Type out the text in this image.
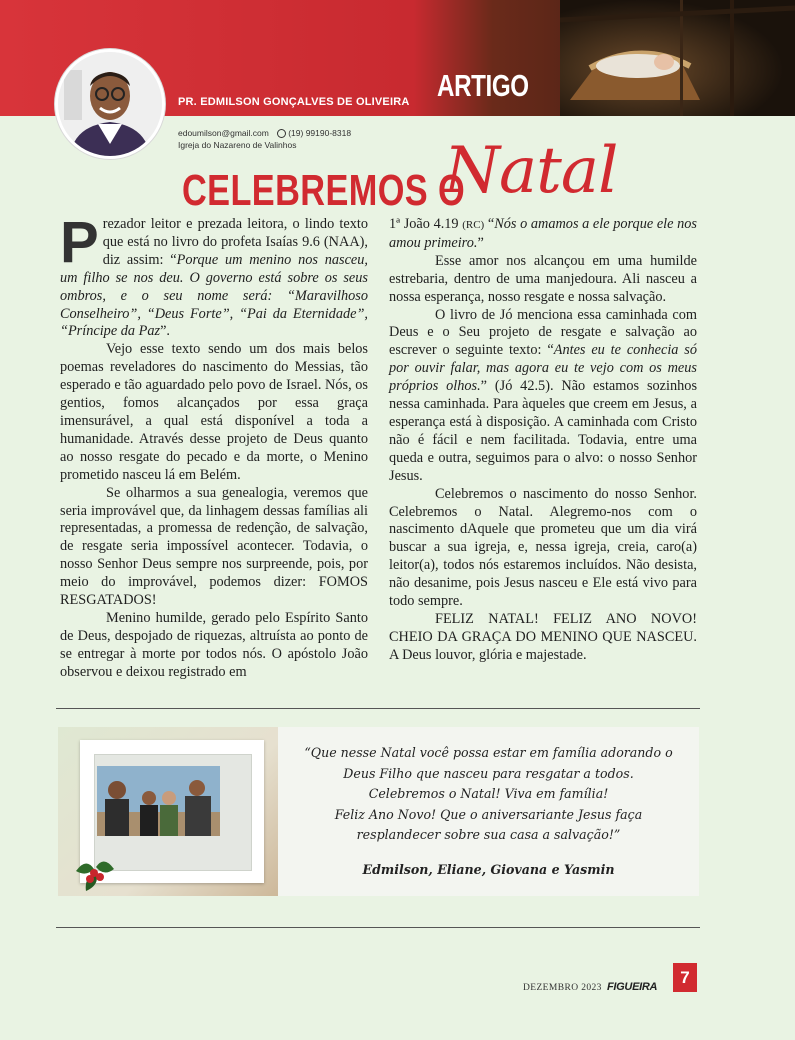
PR. EDMILSON GONÇALVES DE OLIVEIRA ARTIGO
edoumilson@gmail.com (19) 99190-8318
Igreja do Nazareno de Valinhos
CELEBREMOS O
Natal

Prezador leitor e prezada leitora, o lindo texto que está no livro do profeta Isaías 9.6 (NAA), diz assim: “Porque um menino nos nasceu, um filho se nos deu. O governo está sobre os seus ombros, e o seu nome será: “Maravilhoso Conselheiro”, “Deus Forte”, “Pai da Eternidade”, “Príncipe da Paz”.

Vejo esse texto sendo um dos mais belos poemas reveladores do nascimento do Messias, tão esperado e tão aguardado pelo povo de Israel. Nós, os gentios, fomos alcançados por essa graça imensurável, a qual está disponível a toda a humanidade. Através desse projeto de Deus quanto ao nosso resgate do pecado e da morte, o Menino prometido nasceu lá em Belém.

Se olharmos a sua genealogia, veremos que seria improvável que, da linhagem dessas famílias ali representadas, a promessa de redenção, de salvação, de resgate seria impossível acontecer. Todavia, o nosso Senhor Deus sempre nos surpreende, pois, por meio do improvável, podemos dizer: FOMOS RESGATADOS!

Menino humilde, gerado pelo Espírito Santo de Deus, despojado de riquezas, altruísta ao ponto de se entregar à morte por todos nós. O apóstolo João observou e deixou registrado em

1ª João 4.19 (RC) “Nós o amamos a ele porque ele nos amou primeiro.”

Esse amor nos alcançou em uma humilde estrebaria, dentro de uma manjedoura. Ali nasceu a nossa esperança, nosso resgate e nossa salvação.

O livro de Jó menciona essa caminhada com Deus e o Seu projeto de resgate e salvação ao escrever o seguinte texto: “Antes eu te conhecia só por ouvir falar, mas agora eu te vejo com os meus próprios olhos.” (Jó 42.5). Não estamos sozinhos nessa caminhada. Para àqueles que creem em Jesus, a esperança está à disposição. A caminhada com Cristo não é fácil e nem facilitada. Todavia, entre uma queda e outra, seguimos para o alvo: o nosso Senhor Jesus.

Celebremos o nascimento do nosso Senhor. Celebremos o Natal. Alegremo-nos com o nascimento dAquele que prometeu que um dia virá buscar a sua igreja, e, nessa igreja, creia, caro(a) leitor(a), todos nós estaremos incluídos. Não desista, não desanime, pois Jesus nasceu e Ele está vivo para todo sempre.

FELIZ NATAL! FELIZ ANO NOVO! CHEIO DA GRAÇA DO MENINO QUE NASCEU. A Deus louvor, glória e majestade.

“Que nesse Natal você possa estar em família adorando o
Deus Filho que nasceu para resgatar a todos.
Celebremos o Natal! Viva em família!
Feliz Ano Novo! Que o aniversariante Jesus faça
resplandecer sobre sua casa a salvação!”
Edmilson, Eliane, Giovana e Yasmin
DEZEMBRO 2023 FIGUEIRA	7
